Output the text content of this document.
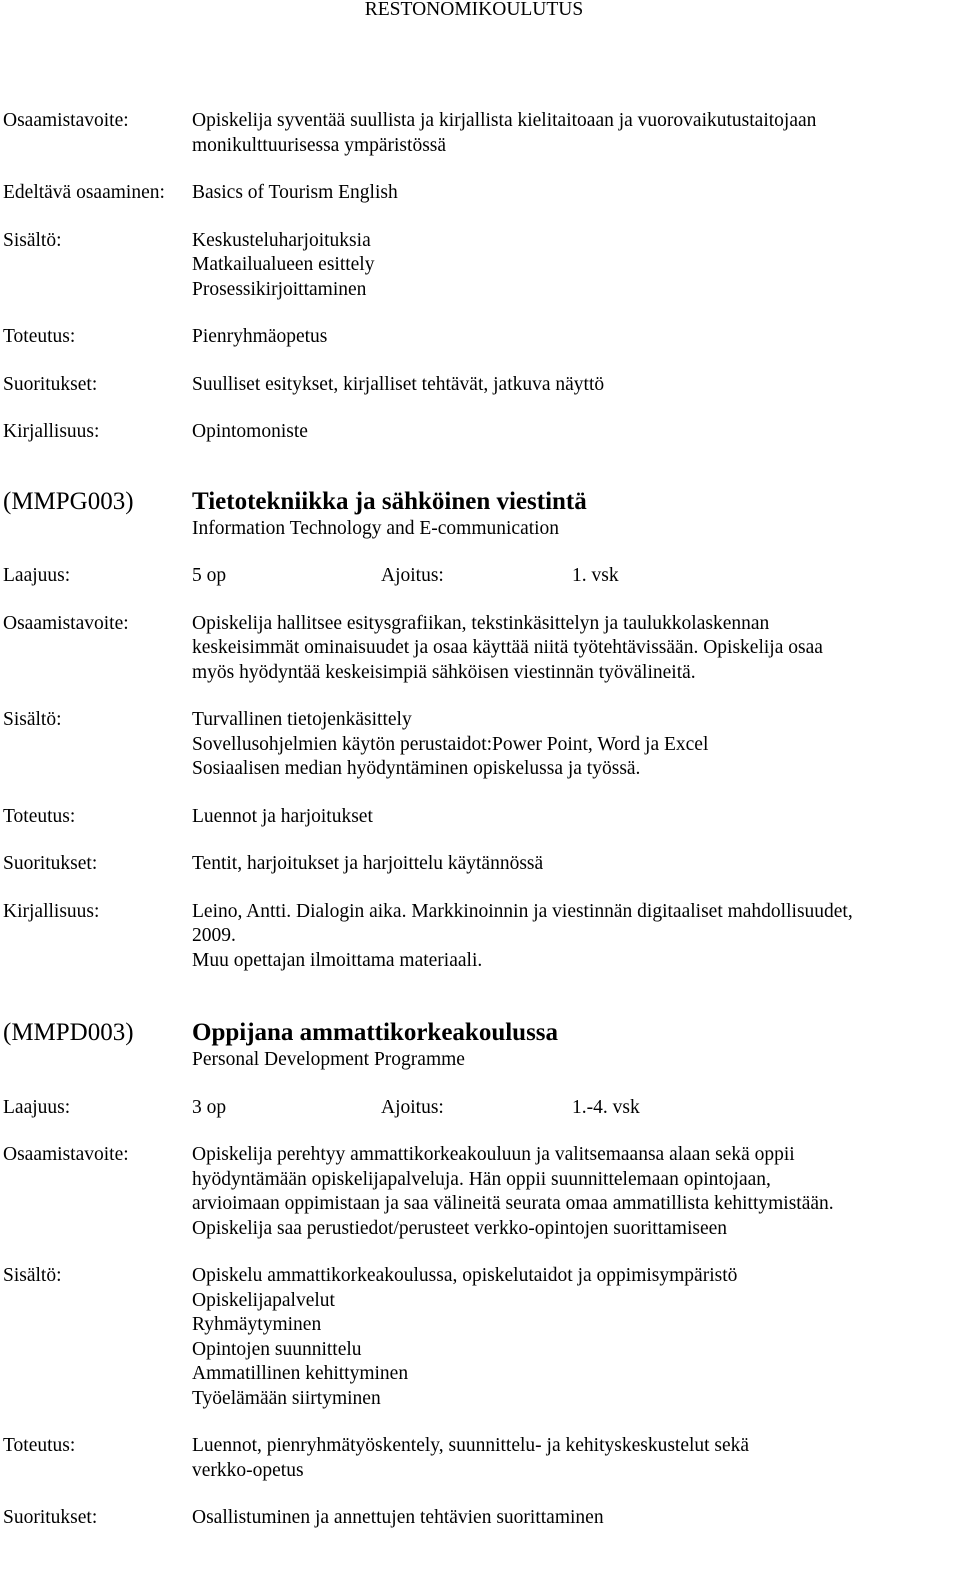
RESTONOMIKOULUTUS
Osaamistavoite:	Opiskelija syventää suullista ja kirjallista kielitaitoaan ja vuorovaikutustaitojaan
monikulttuurisessa ympäristössä
Edeltävä osaaminen:	Basics of Tourism English
Sisältö:	Keskusteluharjoituksia
Matkailualueen esittely
Prosessikirjoittaminen
Toteutus:	Pienryhmäopetus
Suoritukset:	Suulliset esitykset, kirjalliset tehtävät, jatkuva näyttö
Kirjallisuus:	Opintomoniste
(MMPG003)	Tietotekniikka ja sähköinen viestintä
Information Technology and E-communication
Laajuus:	5 op	Ajoitus:	1. vsk
Osaamistavoite:	Opiskelija hallitsee esitysgrafiikan, tekstinkäsittelyn ja taulukkolaskennan
keskeisimmät ominaisuudet ja osaa käyttää niitä työtehtävissään. Opiskelija osaa
myös hyödyntää keskeisimpiä sähköisen viestinnän työvälineitä.
Sisältö:	Turvallinen tietojenkäsittely
Sovellusohjelmien käytön perustaidot:Power Point, Word ja Excel
Sosiaalisen median hyödyntäminen opiskelussa ja työssä.
Toteutus:	Luennot ja harjoitukset
Suoritukset:	Tentit, harjoitukset ja harjoittelu käytännössä
Kirjallisuus:	Leino, Antti. Dialogin aika. Markkinoinnin ja viestinnän digitaaliset mahdollisuudet,
2009.
Muu opettajan ilmoittama materiaali.
(MMPD003)	Oppijana ammattikorkeakoulussa
Personal Development Programme
Laajuus:	3 op	Ajoitus:	1.-4. vsk
Osaamistavoite:	Opiskelija perehtyy ammattikorkeakouluun ja valitsemaansa alaan sekä oppii
hyödyntämään opiskelijapalveluja. Hän oppii suunnittelemaan opintojaan,
arvioimaan oppimistaan ja saa välineitä seurata omaa ammatillista kehittymistään.
Opiskelija saa perustiedot/perusteet verkko-opintojen suorittamiseen
Sisältö:	Opiskelu ammattikorkeakoulussa, opiskelutaidot ja oppimisympäristö
Opiskelijapalvelut
Ryhmäytyminen
Opintojen suunnittelu
Ammatillinen kehittyminen
Työelämään siirtyminen
Toteutus:	Luennot, pienryhmätyöskentely, suunnittelu- ja kehityskeskustelut sekä
verkko-opetus
Suoritukset:	Osallistuminen ja annettujen tehtävien suorittaminen
